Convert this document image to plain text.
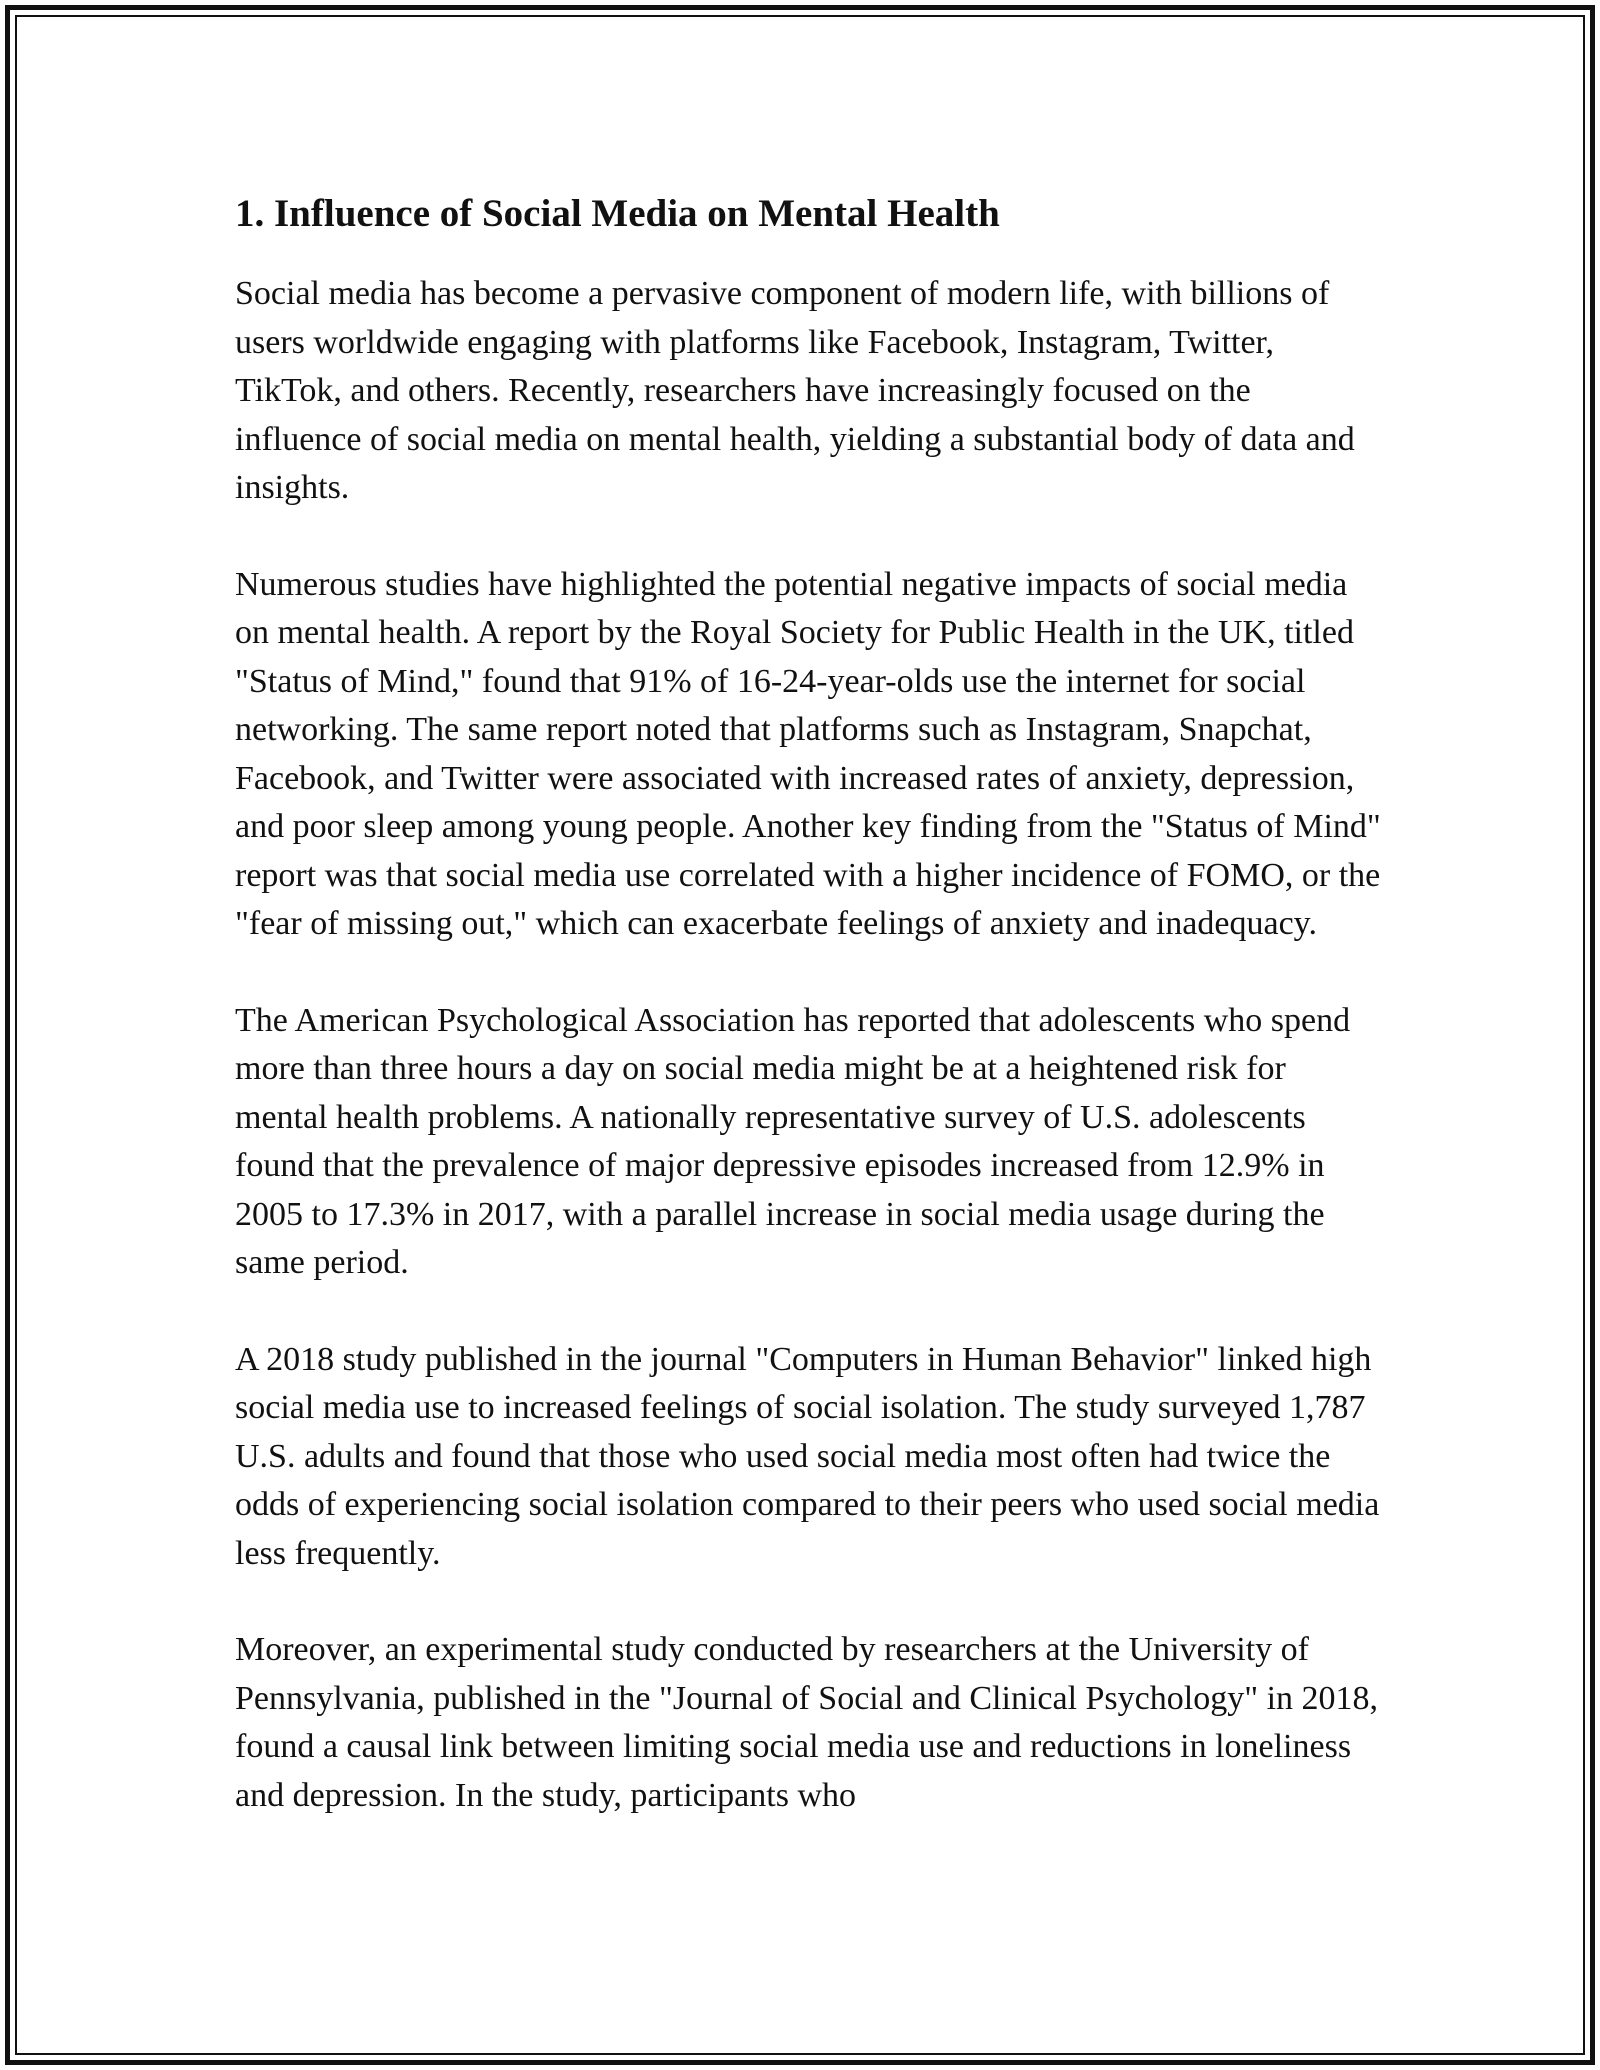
1. Influence of Social Media on Mental Health

Social media has become a pervasive component of modern life, with billions of users worldwide engaging with platforms like Facebook, Instagram, Twitter, TikTok, and others. Recently, researchers have increasingly focused on the influence of social media on mental health, yielding a substantial body of data and insights.

Numerous studies have highlighted the potential negative impacts of social media on mental health. A report by the Royal Society for Public Health in the UK, titled "Status of Mind," found that 91% of 16-24-year-olds use the internet for social networking. The same report noted that platforms such as Instagram, Snapchat, Facebook, and Twitter were associated with increased rates of anxiety, depression, and poor sleep among young people. Another key finding from the "Status of Mind" report was that social media use correlated with a higher incidence of FOMO, or the "fear of missing out," which can exacerbate feelings of anxiety and inadequacy.

The American Psychological Association has reported that adolescents who spend more than three hours a day on social media might be at a heightened risk for mental health problems. A nationally representative survey of U.S. adolescents found that the prevalence of major depressive episodes increased from 12.9% in 2005 to 17.3% in 2017, with a parallel increase in social media usage during the same period.

A 2018 study published in the journal "Computers in Human Behavior" linked high social media use to increased feelings of social isolation. The study surveyed 1,787 U.S. adults and found that those who used social media most often had twice the odds of experiencing social isolation compared to their peers who used social media less frequently.

Moreover, an experimental study conducted by researchers at the University of Pennsylvania, published in the "Journal of Social and Clinical Psychology" in 2018, found a causal link between limiting social media use and reductions in loneliness and depression. In the study, participants who
